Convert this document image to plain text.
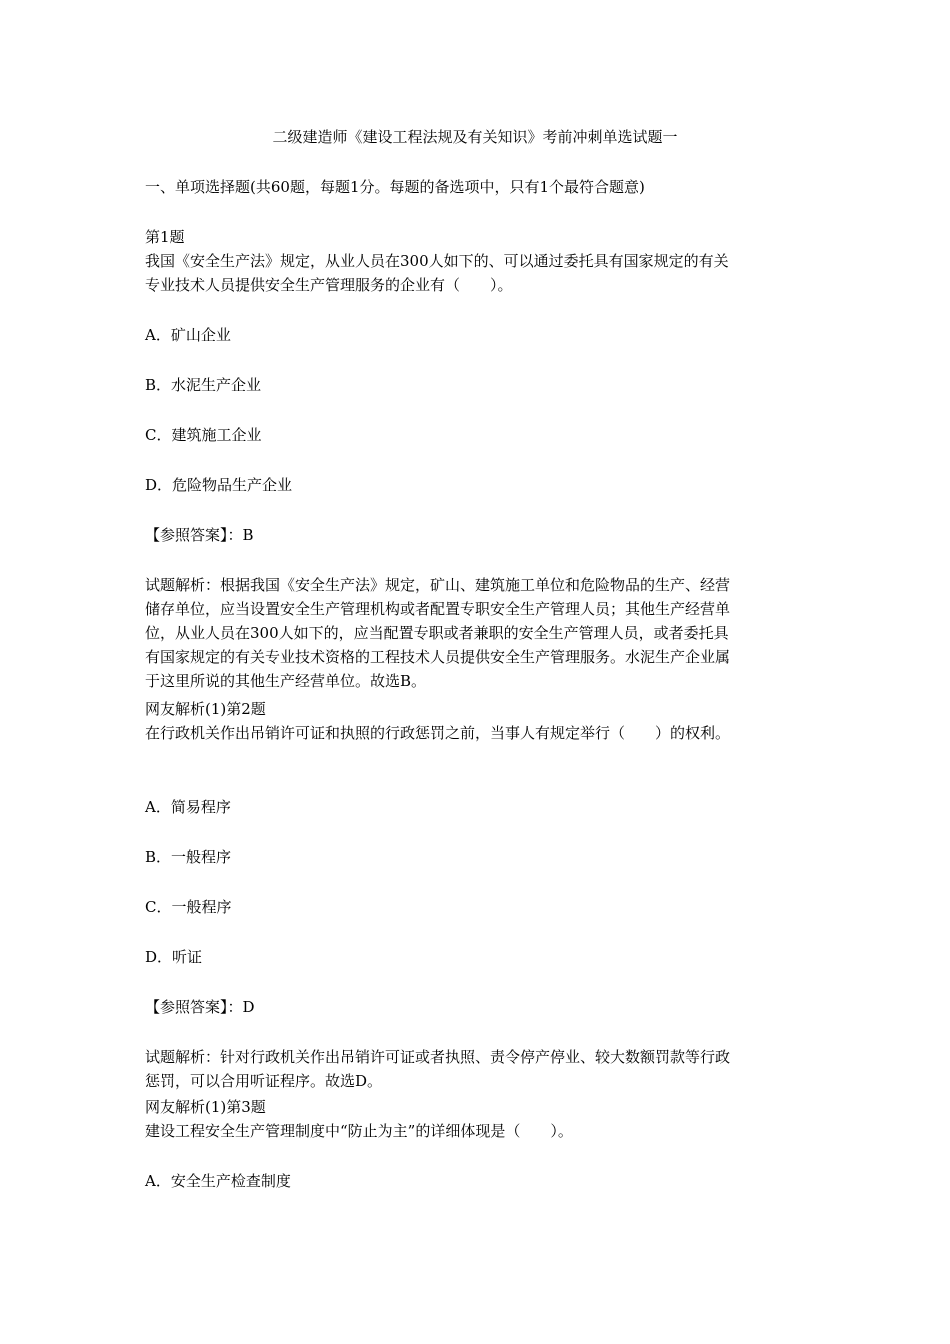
二级建造师《建设工程法规及有关知识》考前冲刺单选试题一
一、单项选择题(共60题，每题1分。每题的备选项中，只有1个最符合题意)
第1题
我国《安全生产法》规定，从业人员在300人如下的、可以通过委托具有国家规定的有关
专业技术人员提供安全生产管理服务的企业有（　　）。
A．矿山企业
B．水泥生产企业
C．建筑施工企业
D．危险物品生产企业
【参照答案】：B
试题解析：根据我国《安全生产法》规定，矿山、建筑施工单位和危险物品的生产、经营
储存单位，应当设置安全生产管理机构或者配置专职安全生产管理人员；其他生产经营单
位，从业人员在300人如下的，应当配置专职或者兼职的安全生产管理人员，或者委托具
有国家规定的有关专业技术资格的工程技术人员提供安全生产管理服务。水泥生产企业属
于这里所说的其他生产经营单位。故选B。
网友解析(1)第2题
在行政机关作出吊销许可证和执照的行政惩罚之前，当事人有规定举行（　　）的权利。
A．简易程序
B．一般程序
C．一般程序
D．听证
【参照答案】：D
试题解析：针对行政机关作出吊销许可证或者执照、责令停产停业、较大数额罚款等行政
惩罚，可以合用听证程序。故选D。
网友解析(1)第3题
建设工程安全生产管理制度中“防止为主”的详细体现是（　　）。
A．安全生产检查制度
